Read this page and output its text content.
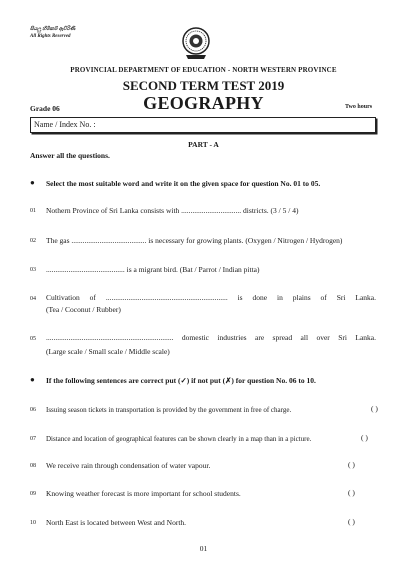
සියලු හිමිකම් ඇවිරිණි
All Rights Reserved
PROVINCIAL DEPARTMENT OF EDUCATION - NORTH WESTERN PROVINCE
SECOND TERM TEST 2019
Grade 06	GEOGRAPHY	Two hours
Name / Index No. :
PART - A
Answer all the questions.
● Select the most suitable word and write it on the given space for question No. 01 to 05.
01 Nothern Province of Sri Lanka consists with ................................ districts. (3 / 5 / 4)
02 The gas ........................................ is necessary for growing plants. (Oxygen / Nitrogen / Hydrogen)
03 .......................................... is a migrant bird. (Bat / Parrot / Indian pitta)
04 Cultivation of ................................................................. is done in plains of Sri Lanka.
(Tea / Coconut / Rubber)
05 .................................................................... domestic industries are spread all over Sri Lanka.
(Large scale / Small scale / Middle scale)
● If the following sentences are correct put (✓) if not put (✗) for question No. 06 to 10.
06 Issuing season tickets in transportation is provided by the government in free of charge.	( )
07 Distance and location of geographical features can be shown clearly in a map than in a picture.	( )
08 We receive rain through condensation of water vapour.	( )
09 Knowing weather forecast is more important for school students.	( )
10 North East is located between West and North.	( )
01
